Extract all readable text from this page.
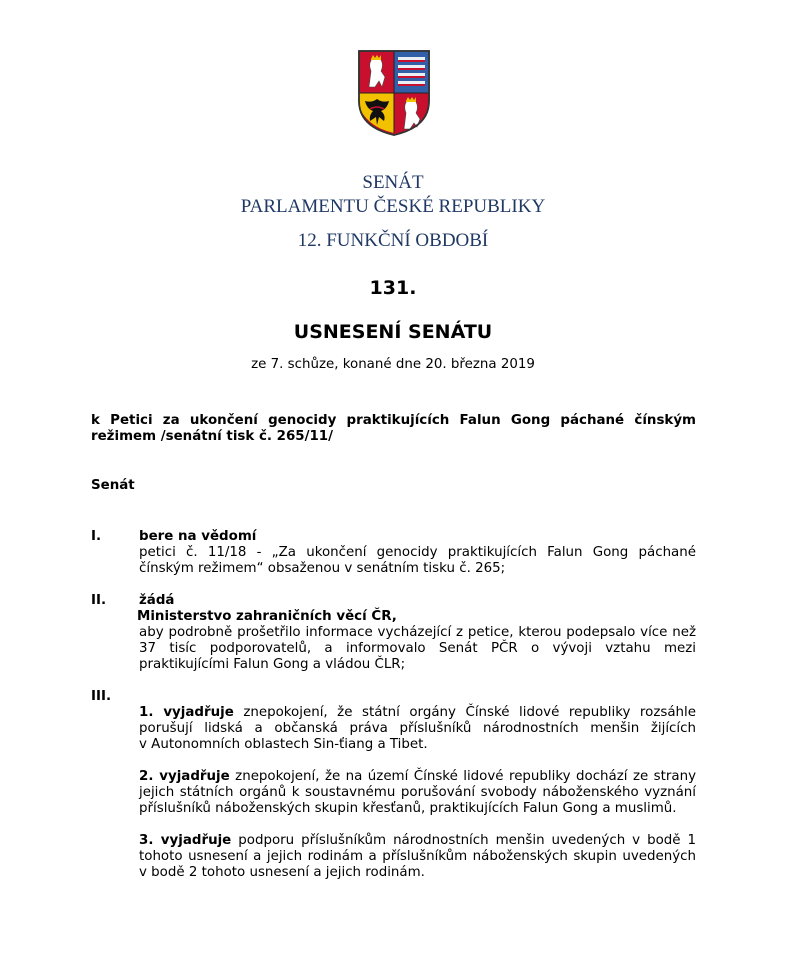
SENÁT
PARLAMENTU ČESKÉ REPUBLIKY
12. FUNKČNÍ OBDOBÍ
131.
USNESENÍ SENÁTU
ze 7. schůze, konané dne 20. března 2019
k Petici za ukončení genocidy praktikujících Falun Gong páchané čínským
režimem /senátní tisk č. 265/11/
Senát
I.	bere na vědomí
petici č. 11/18 - „Za ukončení genocidy praktikujících Falun Gong páchané
čínským režimem“ obsaženou v senátním tisku č. 265;
II. žádá
Ministerstvo zahraničních věcí ČR,
aby podrobně prošetřilo informace vycházející z petice, kterou podepsalo více než
37 tisíc podporovatelů, a informovalo Senát PČR o vývoji vztahu mezi
praktikujícími Falun Gong a vládou ČLR;
III.
1. vyjadřuje znepokojení, že státní orgány Čínské lidové republiky rozsáhle
porušují lidská a občanská práva příslušníků národnostních menšin žijících
v Autonomních oblastech Sin-ťiang a Tibet.
2. vyjadřuje znepokojení, že na území Čínské lidové republiky dochází ze strany
jejich státních orgánů k soustavnému porušování svobody náboženského vyznání
příslušníků náboženských skupin křesťanů, praktikujících Falun Gong a muslimů.
3. vyjadřuje podporu příslušníkům národnostních menšin uvedených v bodě 1
tohoto usnesení a jejich rodinám a příslušníkům náboženských skupin uvedených
v bodě 2 tohoto usnesení a jejich rodinám.
